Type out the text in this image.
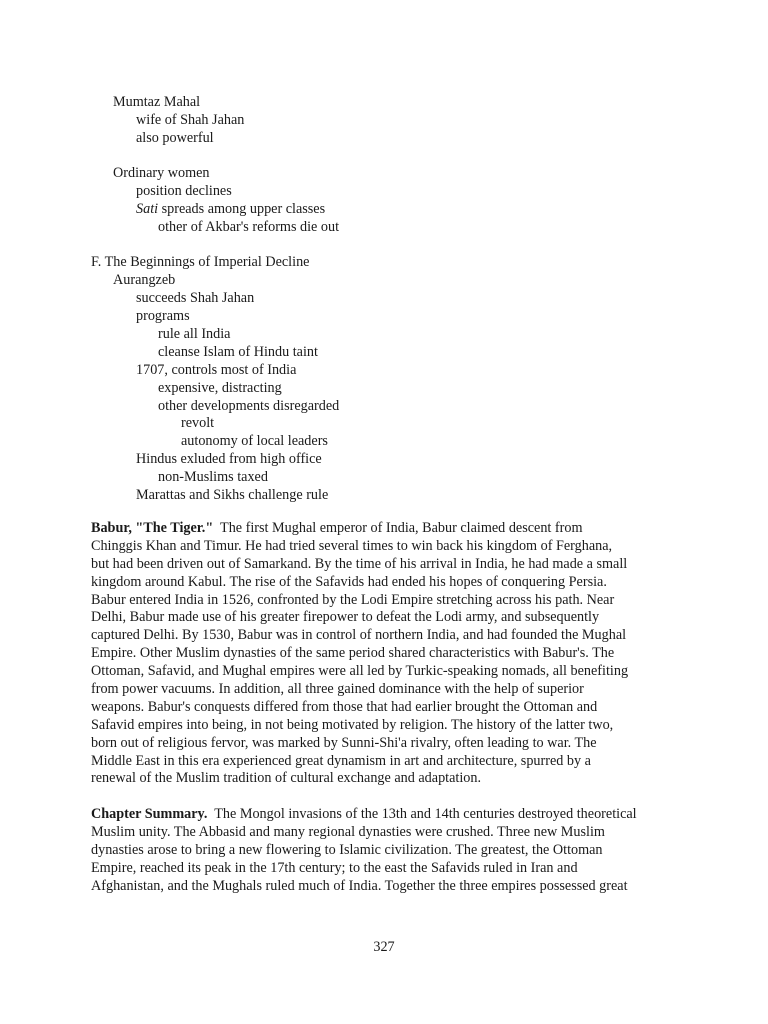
Mumtaz Mahal
wife of Shah Jahan
also powerful
Ordinary women
position declines
Sati spreads among upper classes
other of Akbar's reforms die out
F. The Beginnings of Imperial Decline
Aurangzeb
succeeds Shah Jahan
programs
rule all India
cleanse Islam of Hindu taint
1707, controls most of India
expensive, distracting
other developments disregarded
revolt
autonomy of local leaders
Hindus exluded from high office
non-Muslims taxed
Marattas and Sikhs challenge rule
Babur, "The Tiger."  The first Mughal emperor of India, Babur claimed descent from
Chinggis Khan and Timur. He had tried several times to win back his kingdom of Ferghana,
but had been driven out of Samarkand. By the time of his arrival in India, he had made a small
kingdom around Kabul. The rise of the Safavids had ended his hopes of conquering Persia.
Babur entered India in 1526, confronted by the Lodi Empire stretching across his path. Near
Delhi, Babur made use of his greater firepower to defeat the Lodi army, and subsequently
captured Delhi. By 1530, Babur was in control of northern India, and had founded the Mughal
Empire. Other Muslim dynasties of the same period shared characteristics with Babur's. The
Ottoman, Safavid, and Mughal empires were all led by Turkic-speaking nomads, all benefiting
from power vacuums. In addition, all three gained dominance with the help of superior
weapons. Babur's conquests differed from those that had earlier brought the Ottoman and
Safavid empires into being, in not being motivated by religion. The history of the latter two,
born out of religious fervor, was marked by Sunni-Shi'a rivalry, often leading to war. The
Middle East in this era experienced great dynamism in art and architecture, spurred by a
renewal of the Muslim tradition of cultural exchange and adaptation.
Chapter Summary.  The Mongol invasions of the 13th and 14th centuries destroyed theoretical
Muslim unity. The Abbasid and many regional dynasties were crushed. Three new Muslim
dynasties arose to bring a new flowering to Islamic civilization. The greatest, the Ottoman
Empire, reached its peak in the 17th century; to the east the Safavids ruled in Iran and
Afghanistan, and the Mughals ruled much of India. Together the three empires possessed great
327
